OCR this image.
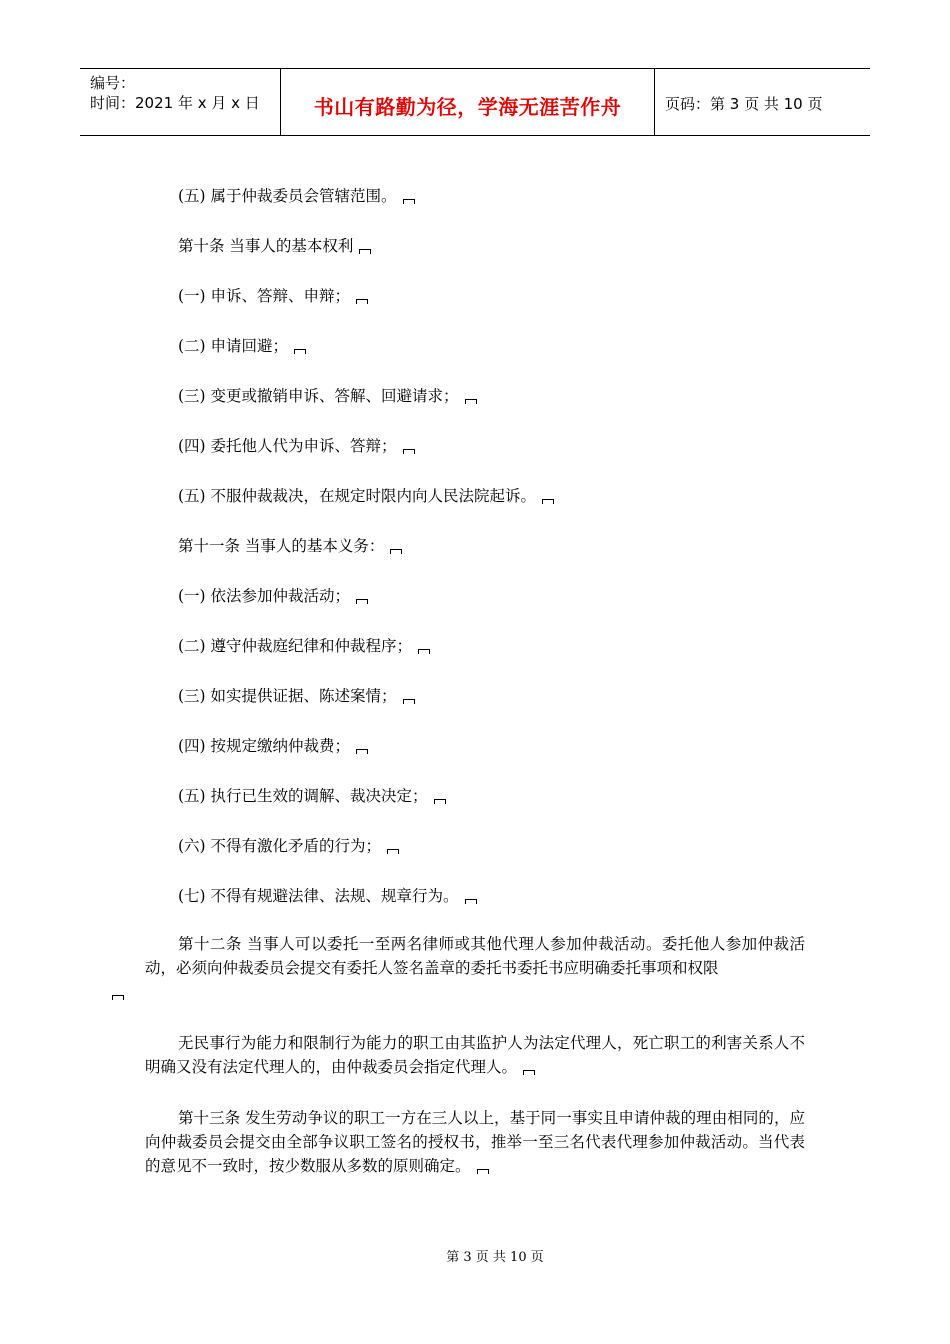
编号：
时间：2021 年 x 月 x 日	书山有路勤为径，学海无涯苦作舟	页码：第 3 页 共 10 页
(五) 属于仲裁委员会管辖范围。
第十条 当事人的基本权利
(一) 申诉、答辩、申辩；
(二) 申请回避；
(三) 变更或撤销申诉、答解、回避请求；
(四) 委托他人代为申诉、答辩；
(五) 不服仲裁裁决，在规定时限内向人民法院起诉。
第十一条 当事人的基本义务：
(一) 依法参加仲裁活动；
(二) 遵守仲裁庭纪律和仲裁程序；
(三) 如实提供证据、陈述案情；
(四) 按规定缴纳仲裁费；
(五) 执行已生效的调解、裁决决定；
(六) 不得有激化矛盾的行为；
(七) 不得有规避法律、法规、规章行为。
第十二条 当事人可以委托一至两名律师或其他代理人参加仲裁活动。委托他人参加仲裁活动，必须向仲裁委员会提交有委托人签名盖章的委托书委托书应明确委托事项和权限

无民事行为能力和限制行为能力的职工由其监护人为法定代理人，死亡职工的利害关系人不明确又没有法定代理人的，由仲裁委员会指定代理人。
第十三条 发生劳动争议的职工一方在三人以上，基于同一事实且申请仲裁的理由相同的，应向仲裁委员会提交由全部争议职工签名的授权书，推举一至三名代表代理参加仲裁活动。当代表的意见不一致时，按少数服从多数的原则确定。
第 3 页 共 10 页
